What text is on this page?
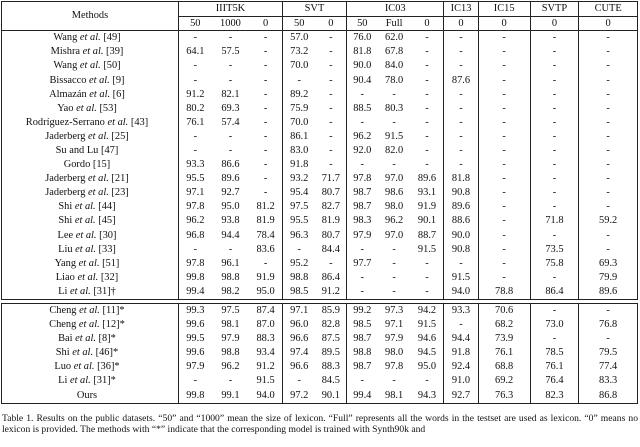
Methods	IIIT5K			SVT		IC03			IC13	IC15	SVTP	CUTE
	50	1000	0	50	0	50	Full	0	0	0	0	0
Wang et al. [49]	-	-	-	57.0	-	76.0	62.0	-	-	-	-	-
Mishra et al. [39]	64.1	57.5	-	73.2	-	81.8	67.8	-	-	-	-	-
Wang et al. [50]	-	-	-	70.0	-	90.0	84.0	-	-	-	-	-
Bissacco et al. [9]	-	-	-	-	-	90.4	78.0	-	87.6	-	-	-
Almazán et al. [6]	91.2	82.1	-	89.2	-	-	-	-	-	-	-	-
Yao et al. [53]	80.2	69.3	-	75.9	-	88.5	80.3	-	-	-	-	-
Rodríguez-Serrano et al. [43]	76.1	57.4	-	70.0	-	-	-	-	-	-	-	-
Jaderberg et al. [25]	-	-	-	86.1	-	96.2	91.5	-	-	-	-	-
Su and Lu [47]	-	-	-	83.0	-	92.0	82.0	-	-	-	-	-
Gordo [15]	93.3	86.6	-	91.8	-	-	-	-	-	-	-	-
Jaderberg et al. [21]	95.5	89.6	-	93.2	71.7	97.8	97.0	89.6	81.8	-	-	-
Jaderberg et al. [23]	97.1	92.7	-	95.4	80.7	98.7	98.6	93.1	90.8	-	-	-
Shi et al. [44]	97.8	95.0	81.2	97.5	82.7	98.7	98.0	91.9	89.6	-	-	-
Shi et al. [45]	96.2	93.8	81.9	95.5	81.9	98.3	96.2	90.1	88.6	-	71.8	59.2
Lee et al. [30]	96.8	94.4	78.4	96.3	80.7	97.9	97.0	88.7	90.0	-	-	-
Liu et al. [33]	-	-	83.6	-	84.4	-	-	91.5	90.8	-	73.5	-
Yang et al. [51]	97.8	96.1	-	95.2	-	97.7	-	-	-	-	75.8	69.3
Liao et al. [32]	99.8	98.8	91.9	98.8	86.4	-	-	-	91.5	-	-	79.9
Li et al. [31]†	99.4	98.2	95.0	98.5	91.2	-	-	-	94.0	78.8	86.4	89.6

Cheng et al. [11]*	99.3	97.5	87.4	97.1	85.9	99.2	97.3	94.2	93.3	70.6	-	-
Cheng et al. [12]*	99.6	98.1	87.0	96.0	82.8	98.5	97.1	91.5	-	68.2	73.0	76.8
Bai et al. [8]*	99.5	97.9	88.3	96.6	87.5	98.7	97.9	94.6	94.4	73.9	-	-
Shi et al. [46]*	99.6	98.8	93.4	97.4	89.5	98.8	98.0	94.5	91.8	76.1	78.5	79.5
Luo et al. [36]*	97.9	96.2	91.2	96.6	88.3	98.7	97.8	95.0	92.4	68.8	76.1	77.4
Li et al. [31]*	-	-	91.5	-	84.5	-	-	-	91.0	69.2	76.4	83.3
Ours	99.8	99.1	94.0	97.2	90.1	99.4	98.1	94.3	92.7	76.3	82.3	86.8
Table 1. Results on the public datasets. “50” and “1000” mean the size of lexicon. “Full” represents all the words in the testset are used as lexicon. “0” means no lexicon is provided. The methods with “*” indicate that the corresponding model is trained with Synth90k and
